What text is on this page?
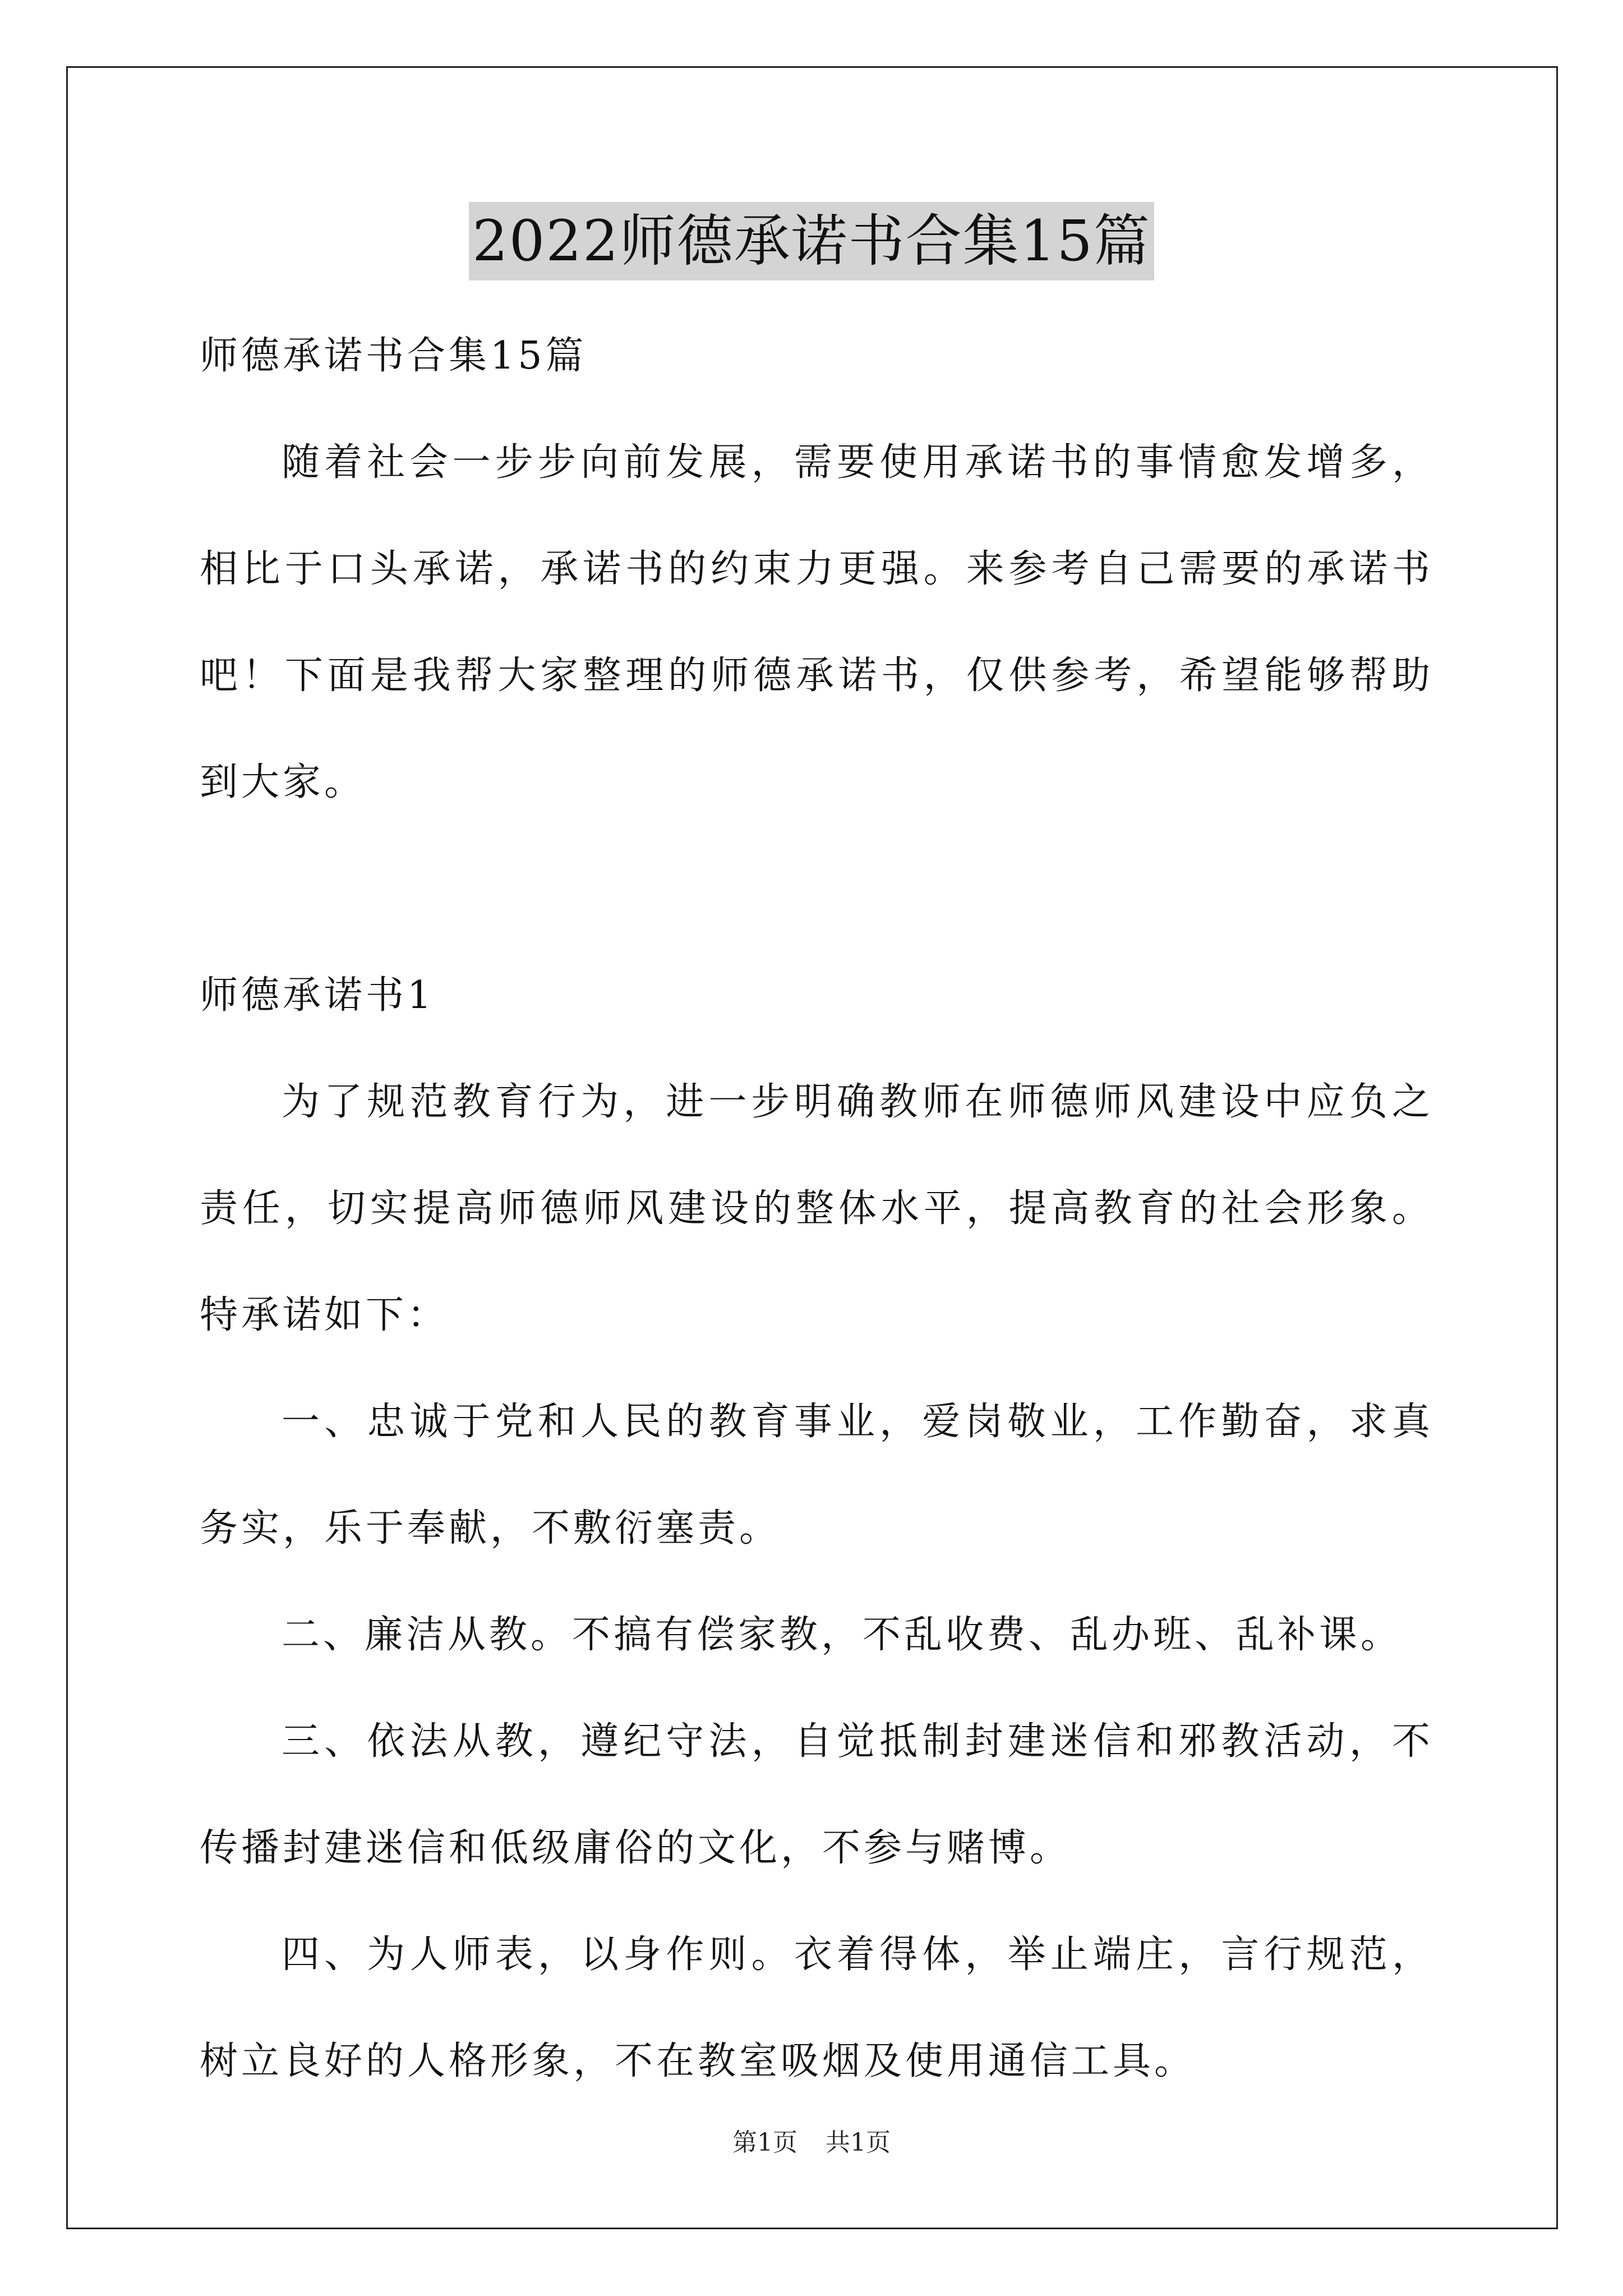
2022师德承诺书合集15篇
师德承诺书合集15篇
随着社会一步步向前发展，需要使用承诺书的事情愈发增多，相比于口头承诺，承诺书的约束力更强。来参考自己需要的承诺书吧！下面是我帮大家整理的师德承诺书，仅供参考，希望能够帮助到大家。
师德承诺书1
为了规范教育行为，进一步明确教师在师德师风建设中应负之责任，切实提高师德师风建设的整体水平，提高教育的社会形象。特承诺如下：
一、忠诚于党和人民的教育事业，爱岗敬业，工作勤奋，求真务实，乐于奉献，不敷衍塞责。
二、廉洁从教。不搞有偿家教，不乱收费、乱办班、乱补课。
三、依法从教，遵纪守法，自觉抵制封建迷信和邪教活动，不传播封建迷信和低级庸俗的文化，不参与赌博。
四、为人师表，以身作则。衣着得体，举止端庄，言行规范，树立良好的人格形象，不在教室吸烟及使用通信工具。
第1页 共1页
